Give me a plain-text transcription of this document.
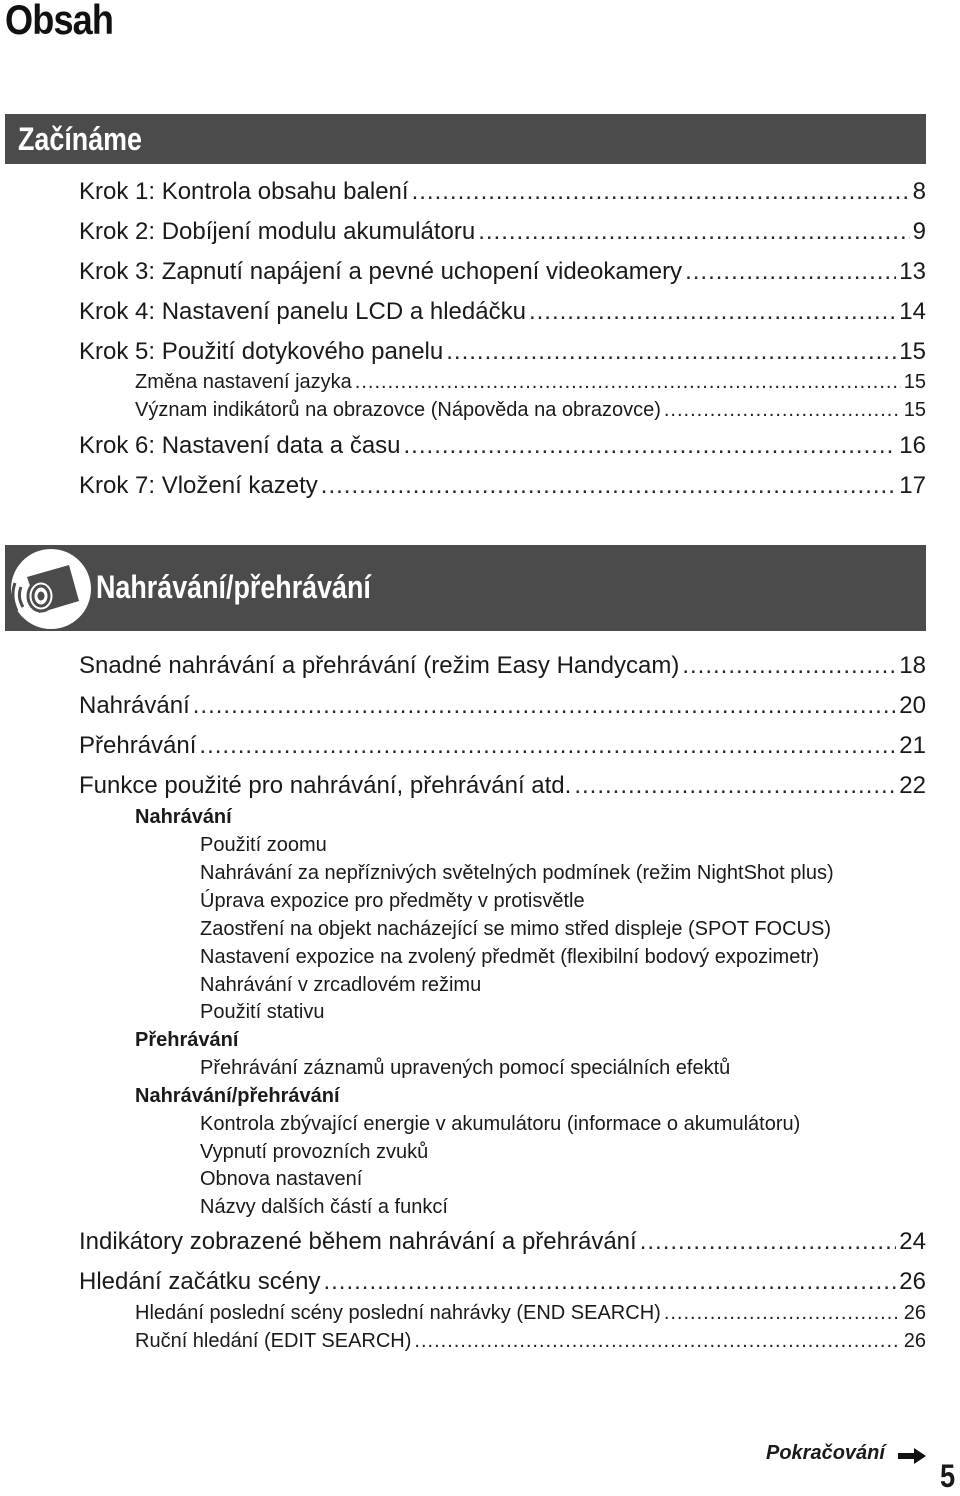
Obsah
Začínáme
Krok 1: Kontrola obsahu balení .....	8
Krok 2: Dobíjení modulu akumulátoru .....	9
Krok 3: Zapnutí napájení a pevné uchopení videokamery .....	13
Krok 4: Nastavení panelu LCD a hledáčku .....	14
Krok 5: Použití dotykového panelu .....	15
Změna nastavení jazyka .....	15
Význam indikátorů na obrazovce (Nápověda na obrazovce) .....	15
Krok 6: Nastavení data a času .....	16
Krok 7: Vložení kazety .....	17
Nahrávání/přehrávání
Snadné nahrávání a přehrávání (režim Easy Handycam) .....	18
Nahrávání .....	20
Přehrávání .....	21
Funkce použité pro nahrávání, přehrávání atd. .....	22
Nahrávání
Použití zoomu
Nahrávání za nepříznivých světelných podmínek (režim NightShot plus)
Úprava expozice pro předměty v protisvětle
Zaostření na objekt nacházející se mimo střed displeje (SPOT FOCUS)
Nastavení expozice na zvolený předmět (flexibilní bodový expozimetr)
Nahrávání v zrcadlovém režimu
Použití stativu
Přehrávání
Přehrávání záznamů upravených pomocí speciálních efektů
Nahrávání/přehrávání
Kontrola zbývající energie v akumulátoru (informace o akumulátoru)
Vypnutí provozních zvuků
Obnova nastavení
Názvy dalších částí a funkcí
Indikátory zobrazené během nahrávání a přehrávání .....	24
Hledání začátku scény .....	26
Hledání poslední scény poslední nahrávky (END SEARCH) .....	26
Ruční hledání (EDIT SEARCH) .....	26
Pokračování
5
